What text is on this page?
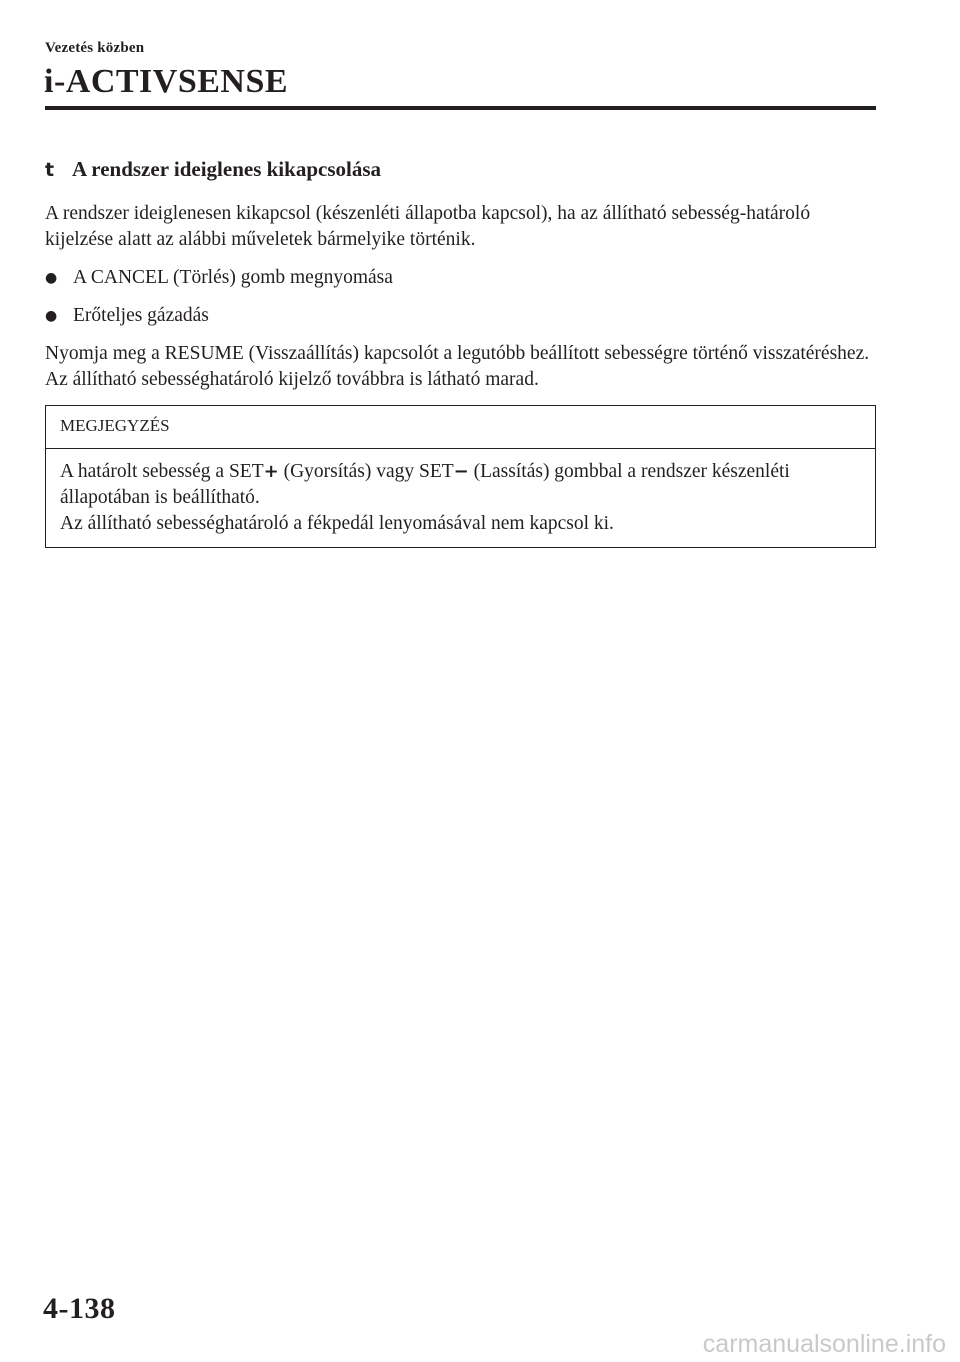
Vezetés közben
i-ACTIVSENSE
t A rendszer ideiglenes kikapcsolása

A rendszer ideiglenesen kikapcsol (készenléti állapotba kapcsol), ha az állítható sebesség-határoló kijelzése alatt az alábbi műveletek bármelyike történik.

● A CANCEL (Törlés) gomb megnyomása
● Erőteljes gázadás

Nyomja meg a RESUME (Visszaállítás) kapcsolót a legutóbb beállított sebességre történő visszatéréshez. Az állítható sebességhatároló kijelző továbbra is látható marad.

MEGJEGYZÉS
A határolt sebesség a SET+ (Gyorsítás) vagy SET− (Lassítás) gombbal a rendszer készenléti állapotában is beállítható.
Az állítható sebességhatároló a fékpedál lenyomásával nem kapcsol ki.
4-138
carmanualsonline.info
